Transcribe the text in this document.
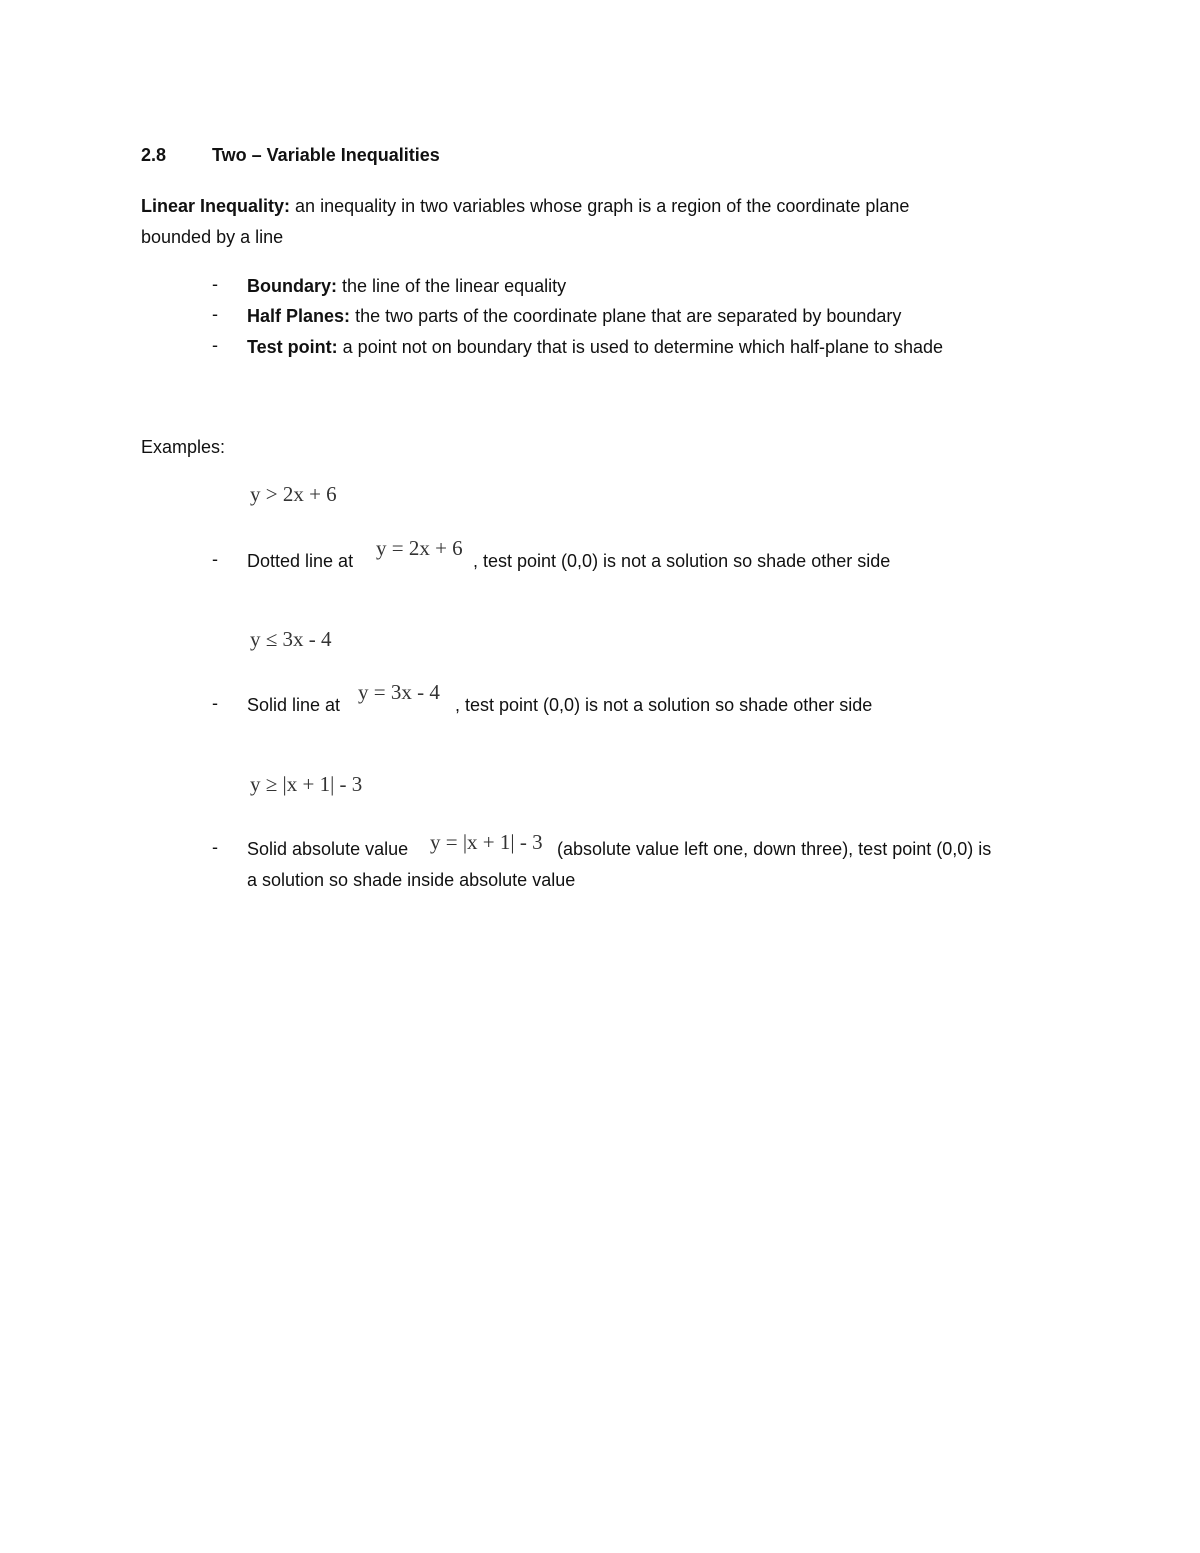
2.8	Two – Variable Inequalities
Linear Inequality: an inequality in two variables whose graph is a region of the coordinate plane
bounded by a line
- Boundary: the line of the linear equality
- Half Planes: the two parts of the coordinate plane that are separated by boundary
- Test point: a point not on boundary that is used to determine which half-plane to shade
Examples:
y > 2x + 6
- Dotted line at
y = 2x + 6
, test point (0,0) is not a solution so shade other side
y ≤ 3x - 4
- Solid line at
y = 3x - 4
, test point (0,0) is not a solution so shade other side
y ≥ |x + 1| - 3
- Solid absolute value y = |x + 1| - 3 (absolute value left one, down three), test point (0,0) is
a solution so shade inside absolute value
